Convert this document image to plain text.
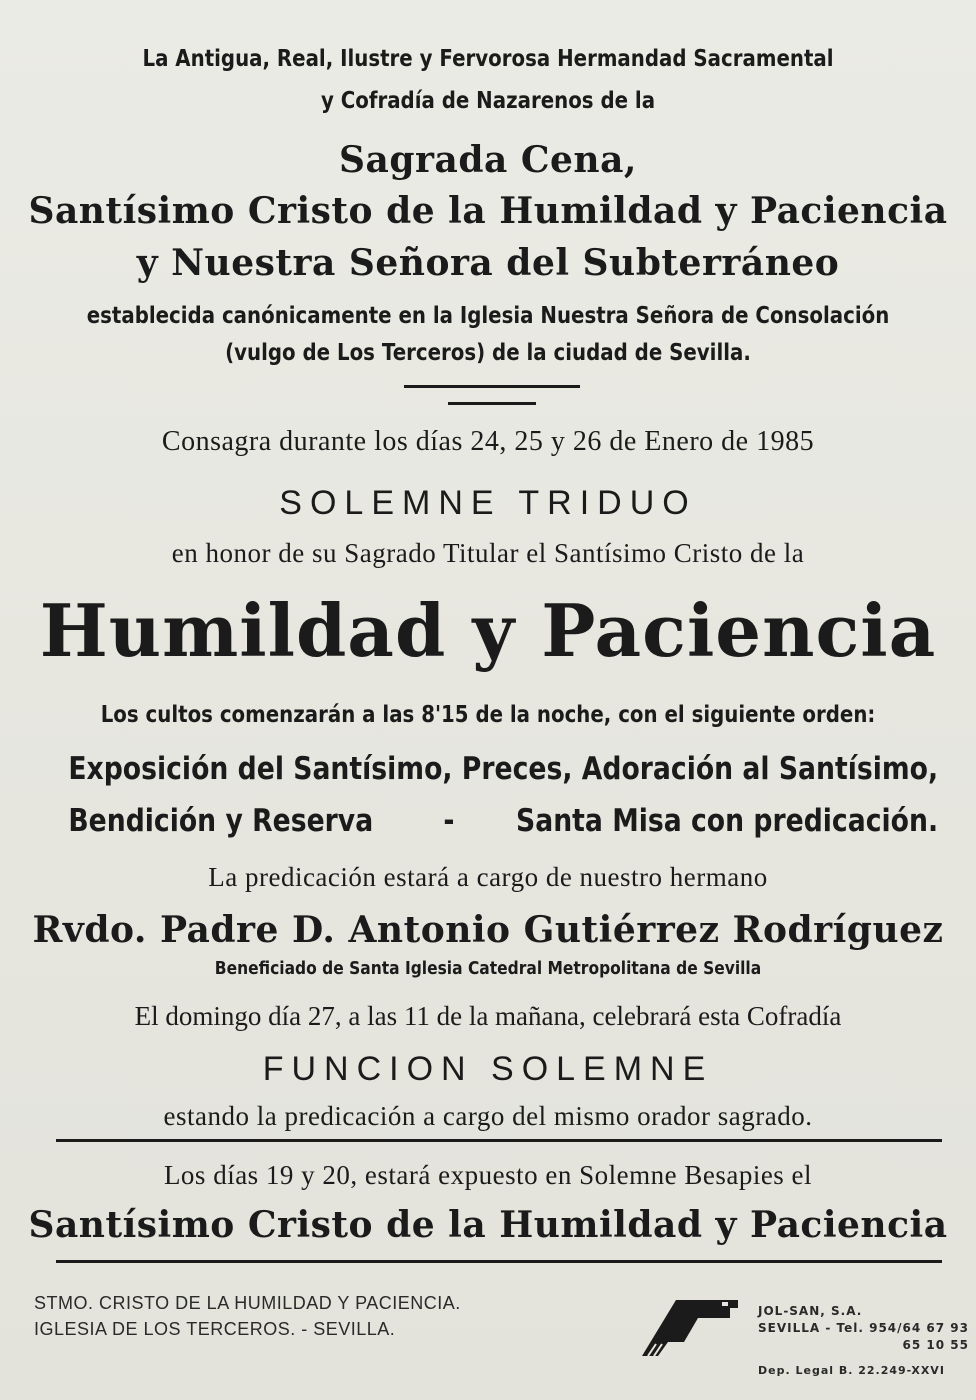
La Antigua, Real, Ilustre y Fervorosa Hermandad Sacramental
y Cofradía de Nazarenos de la
Sagrada Cena,
Santísimo Cristo de la Humildad y Paciencia
y Nuestra Señora del Subterráneo
establecida canónicamente en la Iglesia Nuestra Señora de Consolación
(vulgo de Los Terceros) de la ciudad de Sevilla.
Consagra durante los días 24, 25 y 26 de Enero de 1985
SOLEMNE TRIDUO
en honor de su Sagrado Titular el Santísimo Cristo de la
Humildad y Paciencia
Los cultos comenzarán a las 8'15 de la noche, con el siguiente orden:
Exposición del Santísimo, Preces, Adoración al Santísimo,
Bendición y Reserva - Santa Misa con predicación.
La predicación estará a cargo de nuestro hermano
Rvdo. Padre D. Antonio Gutiérrez Rodríguez
Beneficiado de Santa Iglesia Catedral Metropolitana de Sevilla
El domingo día 27, a las 11 de la mañana, celebrará esta Cofradía
FUNCION SOLEMNE
estando la predicación a cargo del mismo orador sagrado.
Los días 19 y 20, estará expuesto en Solemne Besapies el
Santísimo Cristo de la Humildad y Paciencia
STMO. CRISTO DE LA HUMILDAD Y PACIENCIA.
IGLESIA DE LOS TERCEROS. - SEVILLA.
JOL-SAN, S.A.
SEVILLA - Tel. 954/64 67 93
65 10 55
Dep. Legal B. 22.249-XXVI
